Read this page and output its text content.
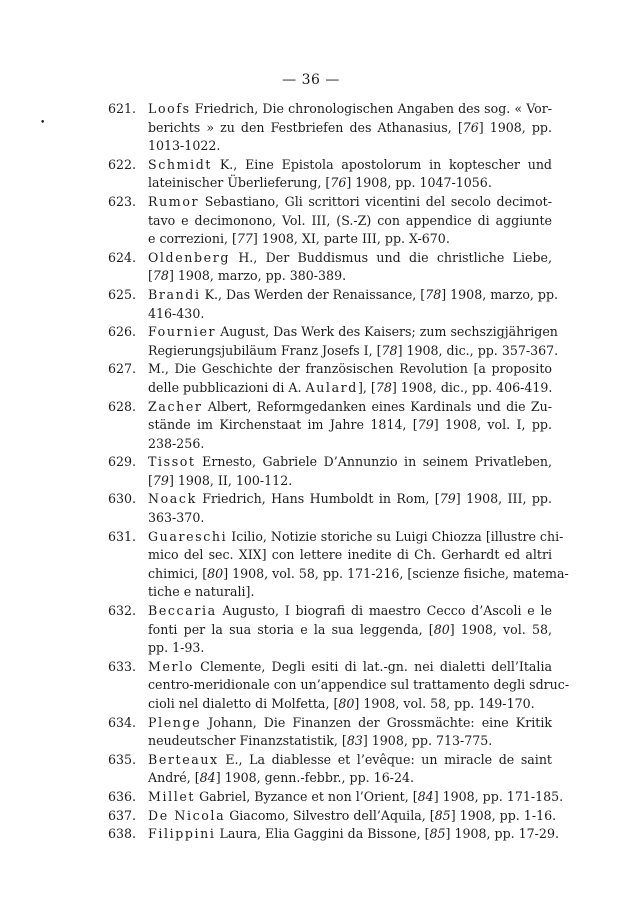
— 36 —
•
621. Loofs Friedrich, Die chronologischen Angaben des sog. « Vor-
berichts » zu den Festbriefen des Athanasius, [76] 1908, pp.
1013-1022.
622. Schmidt K., Eine Epistola apostolorum in koptescher und
lateinischer Überlieferung, [76] 1908, pp. 1047-1056.
623. Rumor Sebastiano, Gli scrittori vicentini del secolo decimot-
tavo e decimonono, Vol. III, (S.-Z) con appendice di aggiunte
e correzioni, [77] 1908, XI, parte III, pp. X-670.
624. Oldenberg H., Der Buddismus und die christliche Liebe,
[78] 1908, marzo, pp. 380-389.
625. Brandi K., Das Werden der Renaissance, [78] 1908, marzo, pp.
416-430.
626. Fournier August, Das Werk des Kaisers; zum sechszigjährigen
Regierungsjubiläum Franz Josefs I, [78] 1908, dic., pp. 357-367.
627. M., Die Geschichte der französischen Revolution [a proposito
delle pubblicazioni di A. Aulard], [78] 1908, dic., pp. 406-419.
628. Zacher Albert, Reformgedanken eines Kardinals und die Zu-
stände im Kirchenstaat im Jahre 1814, [79] 1908, vol. I, pp.
238-256.
629. Tissot Ernesto, Gabriele D’Annunzio in seinem Privatleben,
[79] 1908, II, 100-112.
630. Noack Friedrich, Hans Humboldt in Rom, [79] 1908, III, pp.
363-370.
631. Guareschi Icilio, Notizie storiche su Luigi Chiozza [illustre chi-
mico del sec. XIX] con lettere inedite di Ch. Gerhardt ed altri
chimici, [80] 1908, vol. 58, pp. 171-216, [scienze fisiche, matema-
tiche e naturali].
632. Beccaria Augusto, I biografi di maestro Cecco d’Ascoli e le
fonti per la sua storia e la sua leggenda, [80] 1908, vol. 58,
pp. 1-93.
633. Merlo Clemente, Degli esiti di lat.-gn. nei dialetti dell’Italia
centro-meridionale con un’appendice sul trattamento degli sdruc-
cioli nel dialetto di Molfetta, [80] 1908, vol. 58, pp. 149-170.
634. Plenge Johann, Die Finanzen der Grossmächte: eine Kritik
neudeutscher Finanzstatistik, [83] 1908, pp. 713-775.
635. Berteaux E., La diablesse et l’evêque: un miracle de saint
André, [84] 1908, genn.-febbr., pp. 16-24.
636. Millet Gabriel, Byzance et non l’Orient, [84] 1908, pp. 171-185.
637. De Nicola Giacomo, Silvestro dell’Aquila, [85] 1908, pp. 1-16.
638. Filippini Laura, Elia Gaggini da Bissone, [85] 1908, pp. 17-29.
